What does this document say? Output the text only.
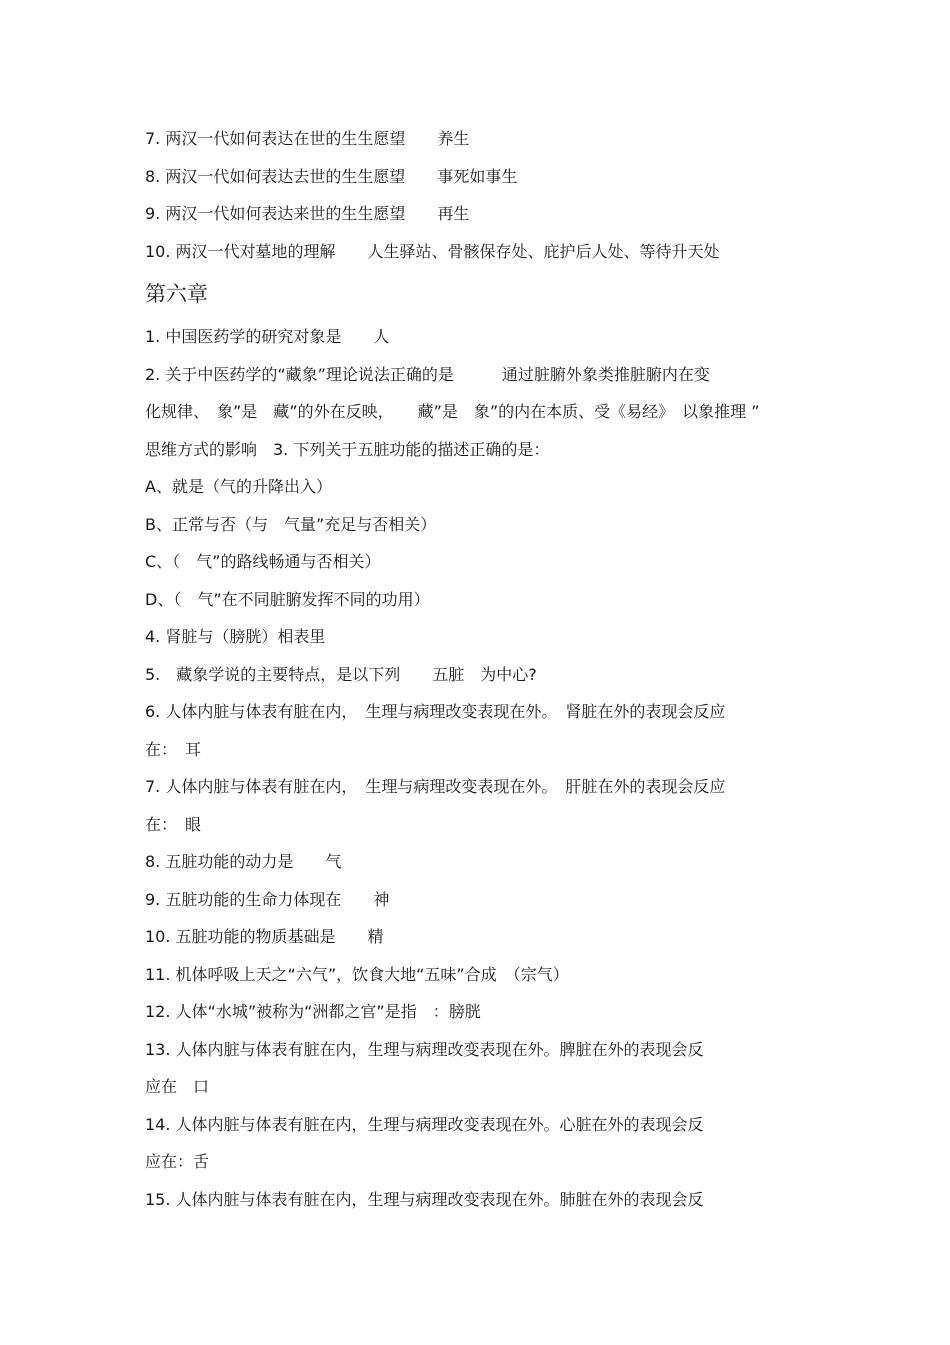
7. 两汉一代如何表达在世的生生愿望　　养生
8. 两汉一代如何表达去世的生生愿望　　事死如事生
9. 两汉一代如何表达来世的生生愿望　　再生
10. 两汉一代对墓地的理解　　人生驿站、骨骸保存处、庇护后人处、等待升天处
第六章
1. 中国医药学的研究对象是　　人
2. 关于中医药学的“藏象”理论说法正确的是　　　通过脏腑外象类推脏腑内在变
化规律、　象”是　藏”的外在反映，　　藏”是　象”的内在本质、受《易经》　以象推理 ”
思维方式的影响　3. 下列关于五脏功能的描述正确的是：
A、就是（气的升降出入）
B、正常与否（与　气量”充足与否相关）
C、（　气”的路线畅通与否相关）
D、（　气”在不同脏腑发挥不同的功用）
4. 肾脏与（膀胱）相表里
5.　藏象学说的主要特点，是以下列　　五脏　为中心?
6. 人体内脏与体表有脏在内，　生理与病理改变表现在外。　肾脏在外的表现会反应
在：　耳
7. 人体内脏与体表有脏在内，　生理与病理改变表现在外。　肝脏在外的表现会反应
在：　眼
8. 五脏功能的动力是　　气
9. 五脏功能的生命力体现在　　神
10. 五脏功能的物质基础是　　精
11. 机体呼吸上天之“六气”，饮食大地“五味”合成　（宗气）
12. 人体“水城”被称为“洲都之官”是指　：膀胱
13. 人体内脏与体表有脏在内，生理与病理改变表现在外。脾脏在外的表现会反
应在　口
14. 人体内脏与体表有脏在内，生理与病理改变表现在外。心脏在外的表现会反
应在：舌
15. 人体内脏与体表有脏在内，生理与病理改变表现在外。肺脏在外的表现会反
